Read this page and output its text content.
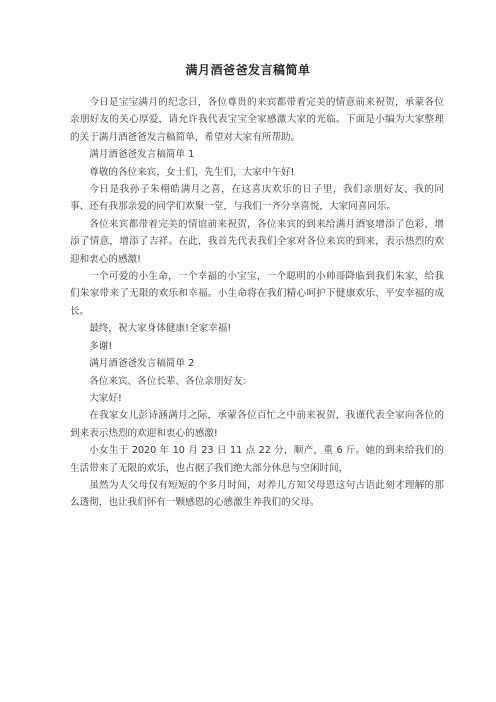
满月酒爸爸发言稿简单

今日是宝宝满月的纪念日，各位尊贵的来宾都带着完美的情意前来祝贺，承蒙各位亲朋好友的关心厚爱，请允许我代表宝宝全家感激大家的光临。下面是小编为大家整理的关于满月酒爸爸发言稿简单，希望对大家有所帮助。

满月酒爸爸发言稿简单 1

尊敬的各位来宾，女士们，先生们，大家中午好!

今日是我孙子朱栩皓满月之喜，在这喜庆欢乐的日子里，我们亲朋好友、我的同事、还有我那亲爱的同学们欢聚一堂，与我们一齐分享喜悦，大家同喜同乐。

各位来宾都带着完美的情谊前来祝贺，各位来宾的到来给满月酒宴增添了色彩，增添了情意，增添了吉祥。在此，我首先代表我们全家对各位来宾的到来，表示热烈的欢迎和衷心的感激!

一个可爱的小生命，一个幸福的小宝宝，一个聪明的小帅哥降临到我们朱家，给我们朱家带来了无限的欢乐和幸福。小生命将在我们精心呵护下健康欢乐、平安幸福的成长。

最终，祝大家身体健康!全家幸福!

多谢!

满月酒爸爸发言稿简单 2

各位来宾、各位长辈、各位亲朋好友：

大家好!

在我家女儿彭诗涵满月之际，承蒙各位百忙之中前来祝贺，我谨代表全家向各位的到来表示热烈的欢迎和衷心的感激!

小女生于 2020 年 10 月 23 日 11 点 22 分，顺产，重 6 斤。她的到来给我们的生活带来了无限的欢乐，也占据了我们绝大部分休息与空闲时间，

虽然为人父母仅有短短的个多月时间，对养儿方知父母恩这句古语此刻才理解的那么透彻，也让我们怀有一颗感恩的心感激生养我们的父母。
